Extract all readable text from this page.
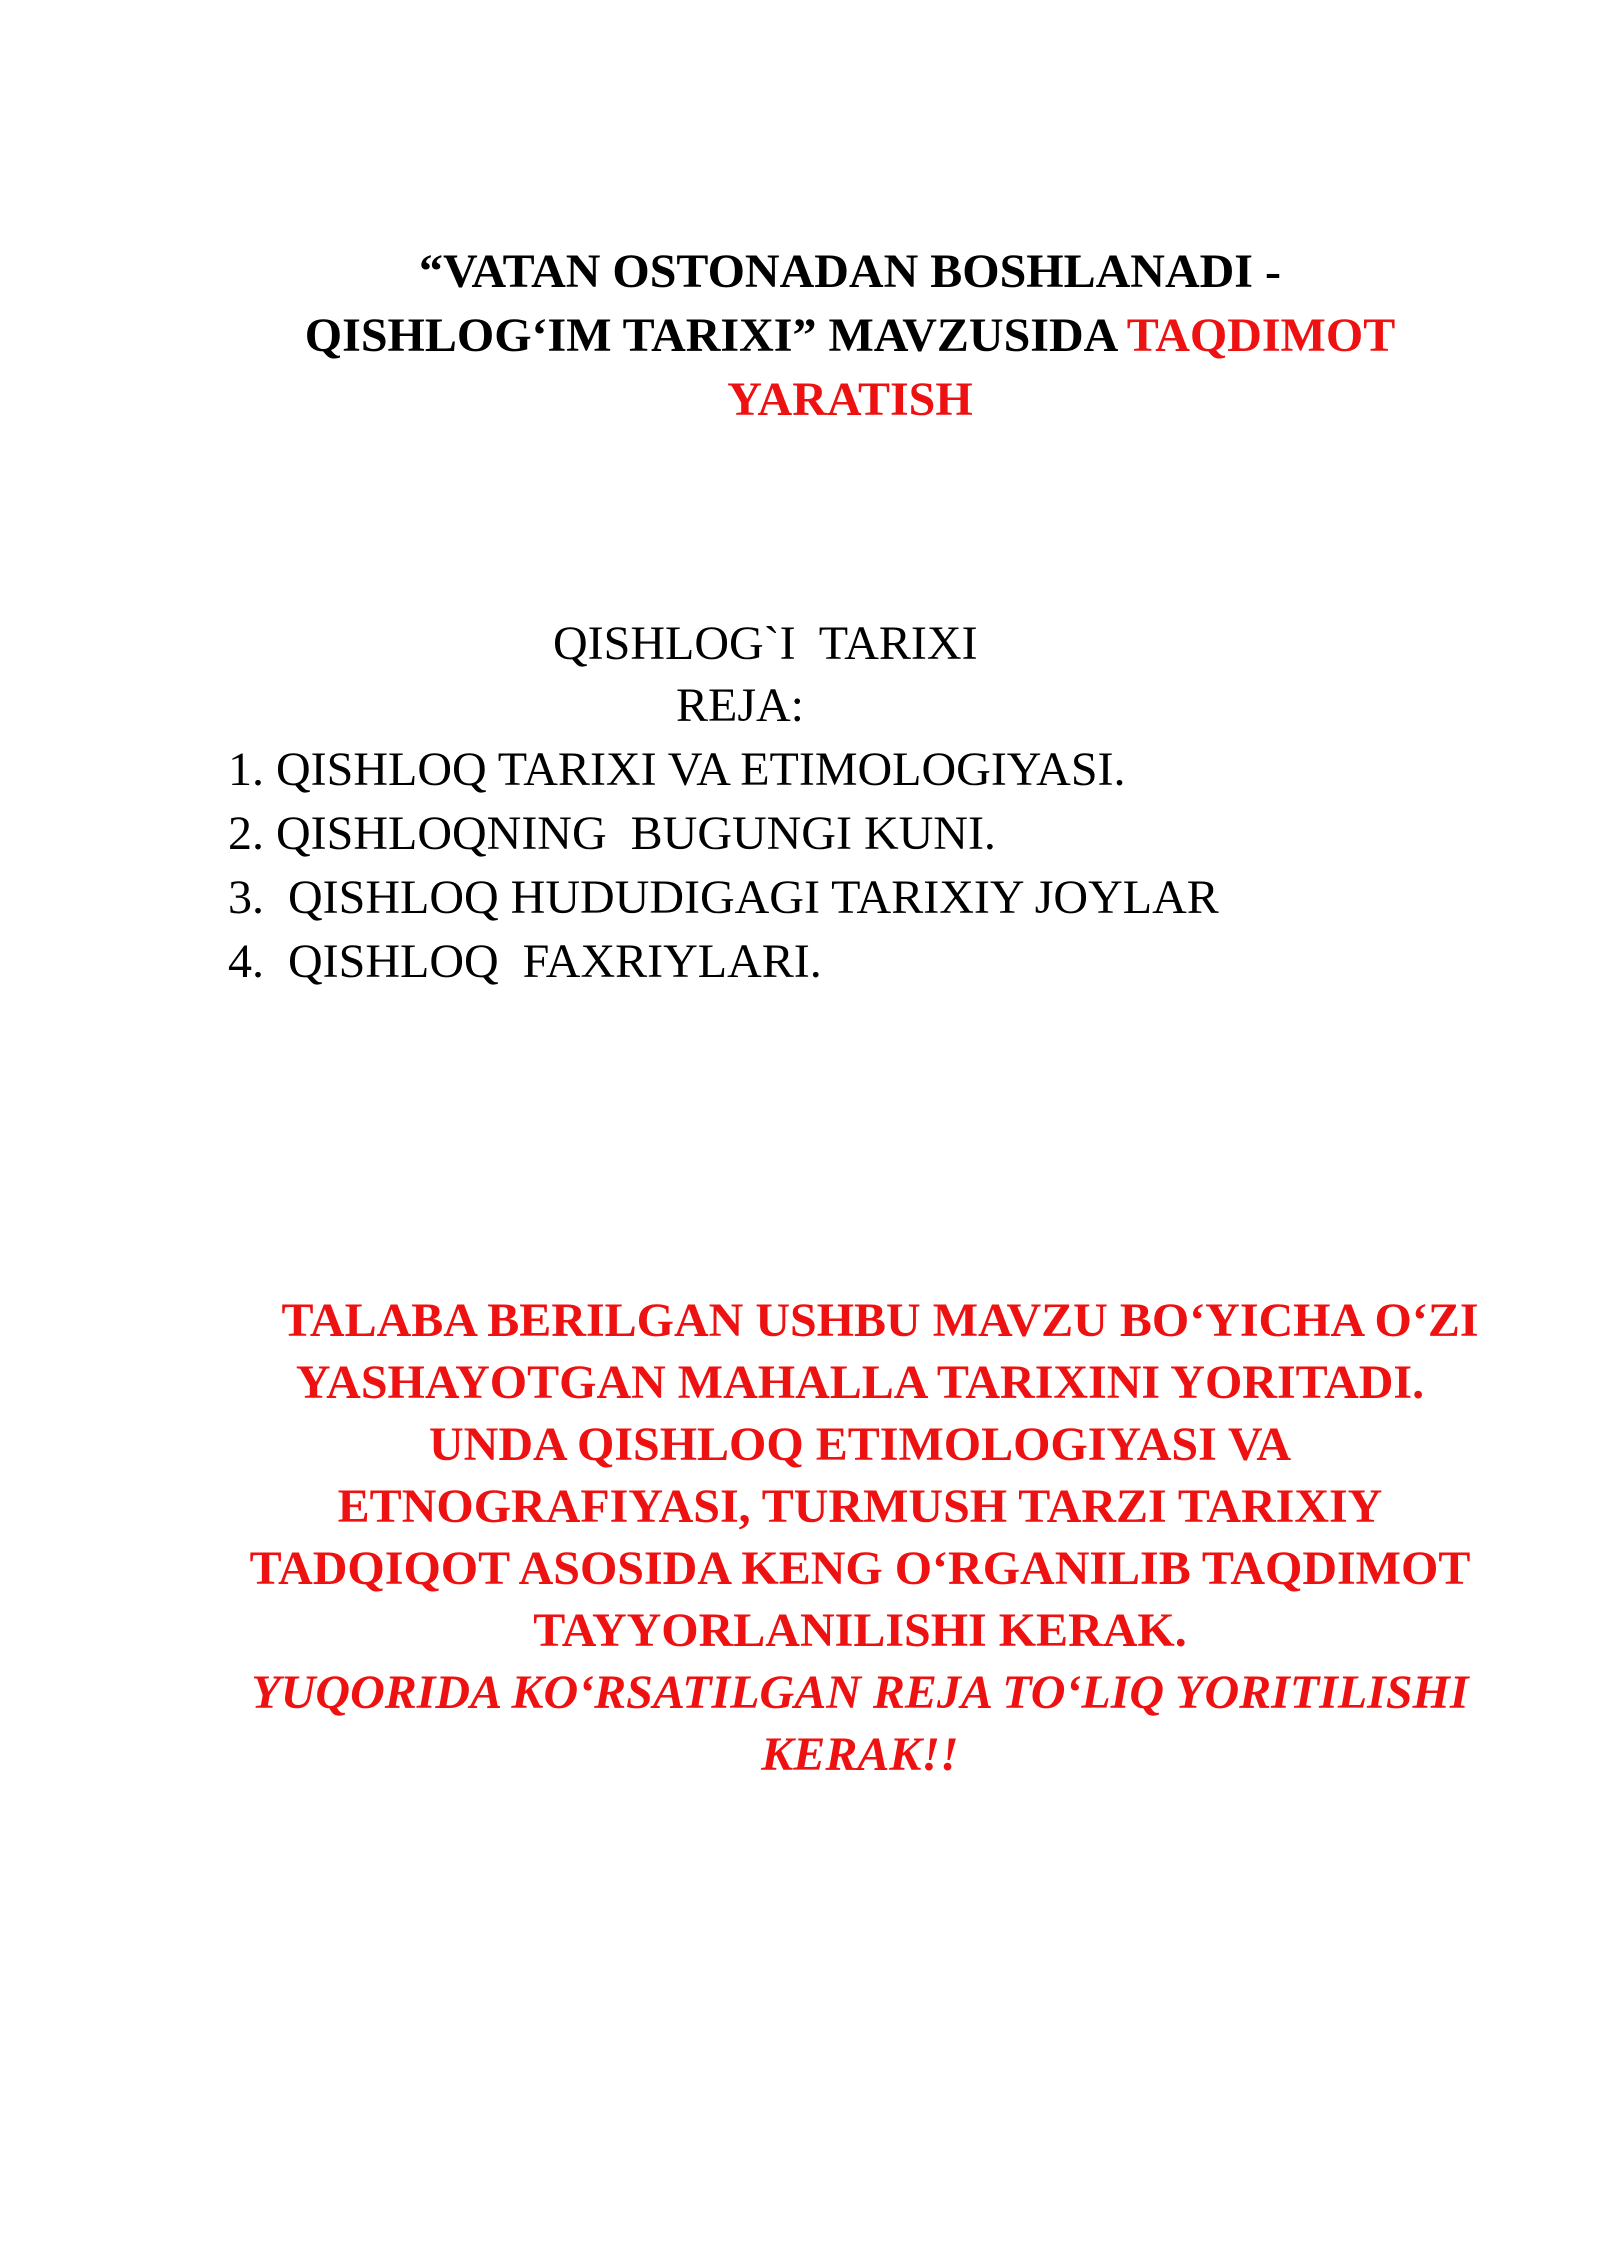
“VATAN OSTONADAN BOSHLANADI -
QISHLOG‘IM TARIXI” MAVZUSIDA TAQDIMOT
YARATISH
QISHLOG`I  TARIXI
REJA:
1. QISHLOQ TARIXI VA ETIMOLOGIYASI.
2. QISHLOQNING  BUGUNGI KUNI.
3.  QISHLOQ HUDUDIGAGI TARIXIY JOYLAR
4.  QISHLOQ  FAXRIYLARI.

TALABA BERILGAN USHBU MAVZU BO‘YICHA O‘ZI YASHAYOTGAN MAHALLA TARIXINI YORITADI. UNDA QISHLOQ ETIMOLOGIYASI VA ETNOGRAFIYASI, TURMUSH TARZI TARIXIY TADQIQOT ASOSIDA KENG O‘RGANILIB TAQDIMOT TAYYORLANILISHI KERAK.

YUQORIDA KO‘RSATILGAN REJA TO‘LIQ YORITILISHI KERAK!!
